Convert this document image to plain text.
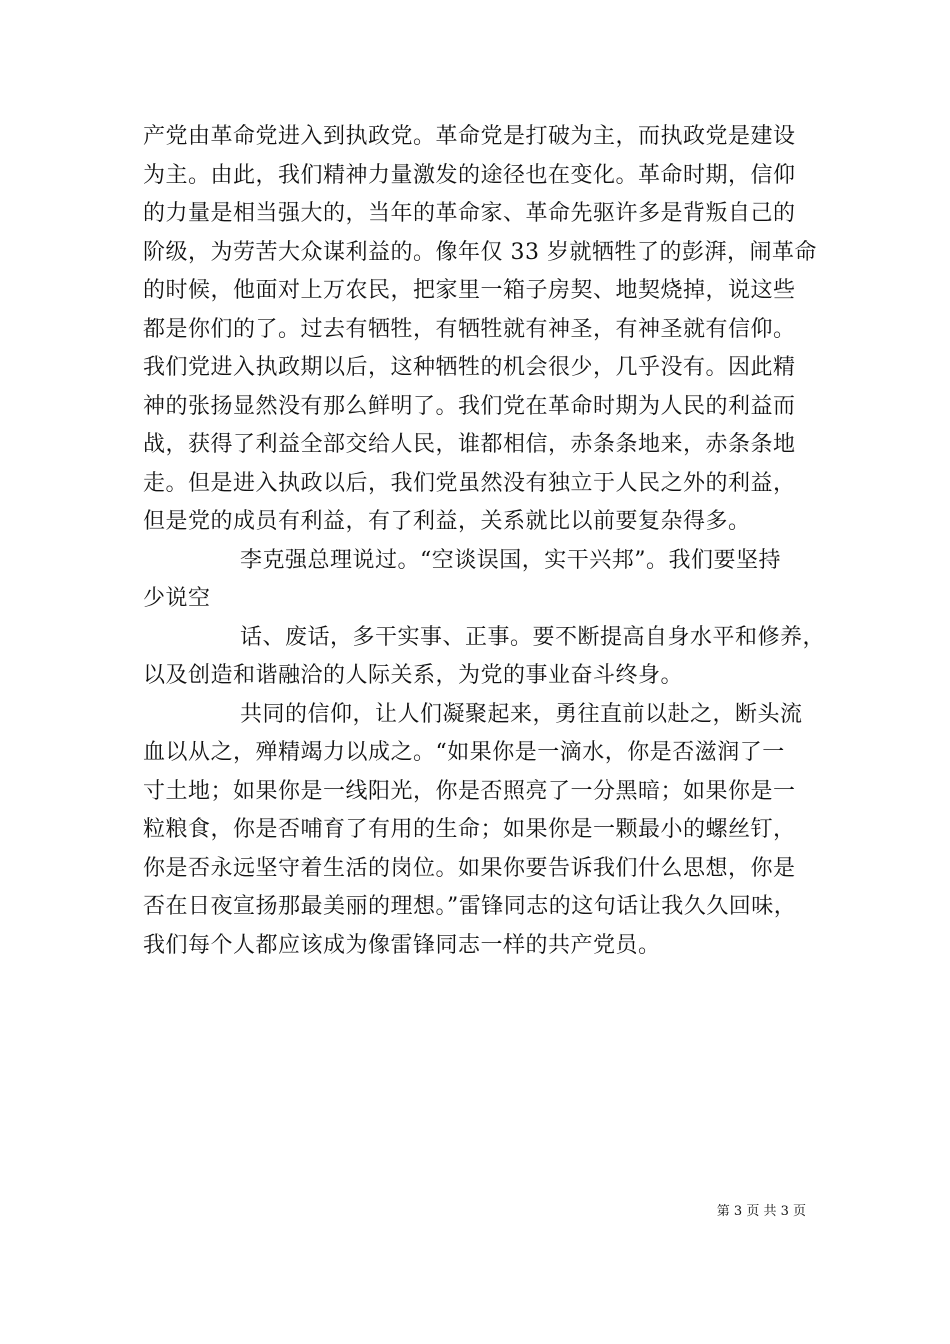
产党由革命党进入到执政党。革命党是打破为主，而执政党是建设
为主。由此，我们精神力量激发的途径也在变化。革命时期，信仰
的力量是相当强大的，当年的革命家、革命先驱许多是背叛自己的
阶级，为劳苦大众谋利益的。像年仅 33 岁就牺牲了的彭湃，闹革命
的时候，他面对上万农民，把家里一箱子房契、地契烧掉，说这些
都是你们的了。过去有牺牲，有牺牲就有神圣，有神圣就有信仰。
我们党进入执政期以后，这种牺牲的机会很少，几乎没有。因此精
神的张扬显然没有那么鲜明了。我们党在革命时期为人民的利益而
战，获得了利益全部交给人民，谁都相信，赤条条地来，赤条条地
走。但是进入执政以后，我们党虽然没有独立于人民之外的利益，
但是党的成员有利益，有了利益，关系就比以前要复杂得多。
李克强总理说过。“空谈误国，实干兴邦”。我们要坚持
少说空
话、废话，多干实事、正事。要不断提高自身水平和修养，
以及创造和谐融洽的人际关系，为党的事业奋斗终身。
共同的信仰，让人们凝聚起来，勇往直前以赴之，断头流
血以从之，殚精竭力以成之。“如果你是一滴水，你是否滋润了一
寸土地；如果你是一线阳光，你是否照亮了一分黑暗；如果你是一
粒粮食，你是否哺育了有用的生命；如果你是一颗最小的螺丝钉，
你是否永远坚守着生活的岗位。如果你要告诉我们什么思想，你是
否在日夜宣扬那最美丽的理想。”雷锋同志的这句话让我久久回味，
我们每个人都应该成为像雷锋同志一样的共产党员。
第 3 页 共 3 页
